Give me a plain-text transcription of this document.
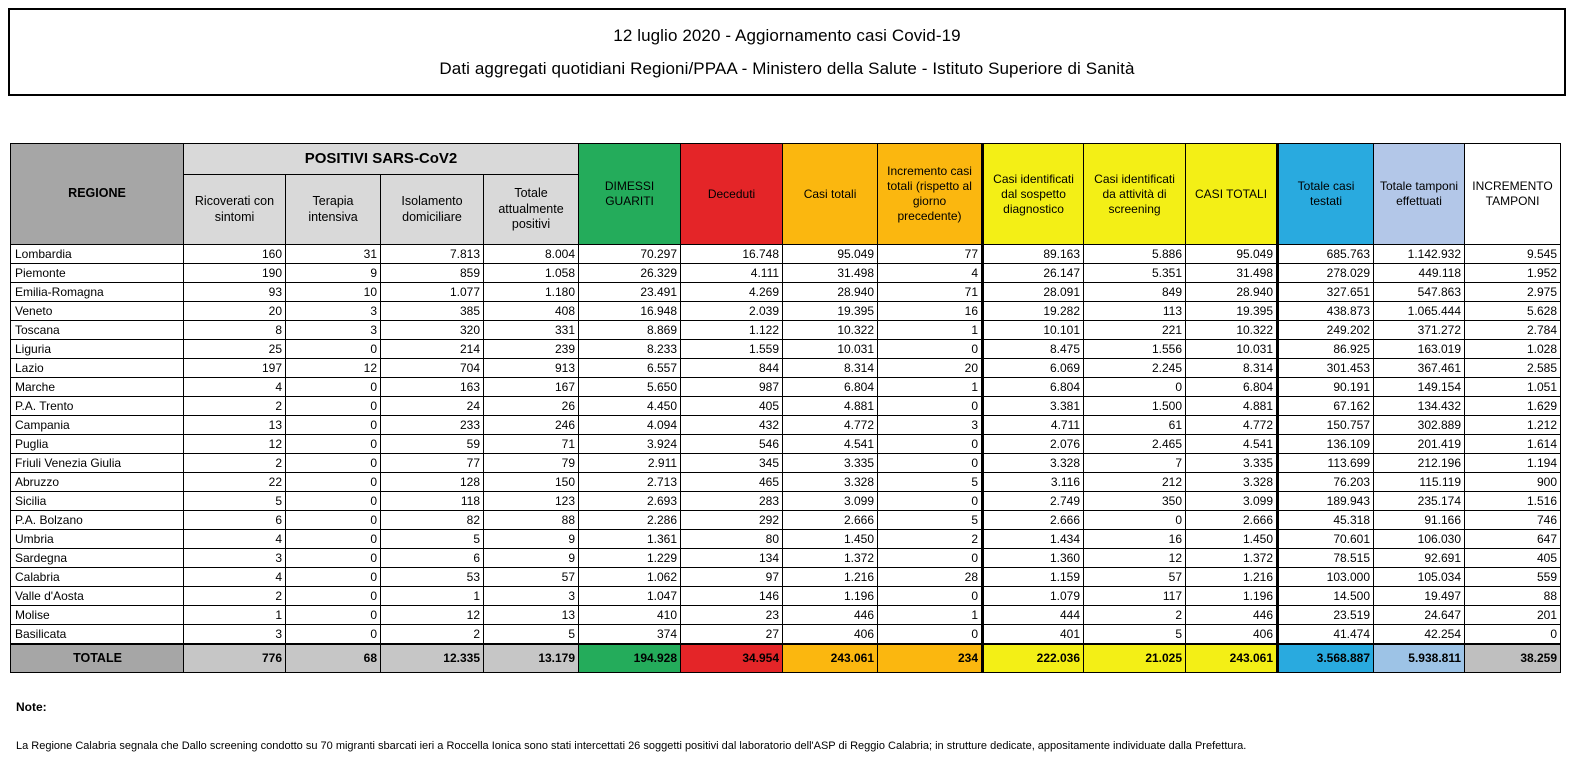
12 luglio 2020 - Aggiornamento casi Covid-19
Dati aggregati quotidiani Regioni/PPAA - Ministero della Salute - Istituto Superiore di Sanità
REGIONE	POSITIVI SARS-CoV2				DIMESSI GUARITI	Deceduti	Casi totali	Incremento casi totali (rispetto al giorno precedente)	Casi identificati dal sospetto diagnostico	Casi identificati da attività di screening	CASI TOTALI	Totale casi testati	Totale tamponi effettuati	INCREMENTO TAMPONI
	Ricoverati con sintomi	Terapia intensiva	Isolamento domiciliare	Totale attualmente positivi										
Lombardia	160	31	7.813	8.004	70.297	16.748	95.049	77	89.163	5.886	95.049	685.763	1.142.932	9.545
Piemonte	190	9	859	1.058	26.329	4.111	31.498	4	26.147	5.351	31.498	278.029	449.118	1.952
Emilia-Romagna	93	10	1.077	1.180	23.491	4.269	28.940	71	28.091	849	28.940	327.651	547.863	2.975
Veneto	20	3	385	408	16.948	2.039	19.395	16	19.282	113	19.395	438.873	1.065.444	5.628
Toscana	8	3	320	331	8.869	1.122	10.322	1	10.101	221	10.322	249.202	371.272	2.784
Liguria	25	0	214	239	8.233	1.559	10.031	0	8.475	1.556	10.031	86.925	163.019	1.028
Lazio	197	12	704	913	6.557	844	8.314	20	6.069	2.245	8.314	301.453	367.461	2.585
Marche	4	0	163	167	5.650	987	6.804	1	6.804	0	6.804	90.191	149.154	1.051
P.A. Trento	2	0	24	26	4.450	405	4.881	0	3.381	1.500	4.881	67.162	134.432	1.629
Campania	13	0	233	246	4.094	432	4.772	3	4.711	61	4.772	150.757	302.889	1.212
Puglia	12	0	59	71	3.924	546	4.541	0	2.076	2.465	4.541	136.109	201.419	1.614
Friuli Venezia Giulia	2	0	77	79	2.911	345	3.335	0	3.328	7	3.335	113.699	212.196	1.194
Abruzzo	22	0	128	150	2.713	465	3.328	5	3.116	212	3.328	76.203	115.119	900
Sicilia	5	0	118	123	2.693	283	3.099	0	2.749	350	3.099	189.943	235.174	1.516
P.A. Bolzano	6	0	82	88	2.286	292	2.666	5	2.666	0	2.666	45.318	91.166	746
Umbria	4	0	5	9	1.361	80	1.450	2	1.434	16	1.450	70.601	106.030	647
Sardegna	3	0	6	9	1.229	134	1.372	0	1.360	12	1.372	78.515	92.691	405
Calabria	4	0	53	57	1.062	97	1.216	28	1.159	57	1.216	103.000	105.034	559
Valle d'Aosta	2	0	1	3	1.047	146	1.196	0	1.079	117	1.196	14.500	19.497	88
Molise	1	0	12	13	410	23	446	1	444	2	446	23.519	24.647	201
Basilicata	3	0	2	5	374	27	406	0	401	5	406	41.474	42.254	0
TOTALE	776	68	12.335	13.179	194.928	34.954	243.061	234	222.036	21.025	243.061	3.568.887	5.938.811	38.259
Note:
La Regione Calabria segnala che Dallo screening condotto su 70 migranti sbarcati ieri a Roccella Ionica sono stati intercettati 26 soggetti positivi dal laboratorio dell'ASP di Reggio Calabria; in strutture dedicate, appositamente individuate dalla Prefettura.
